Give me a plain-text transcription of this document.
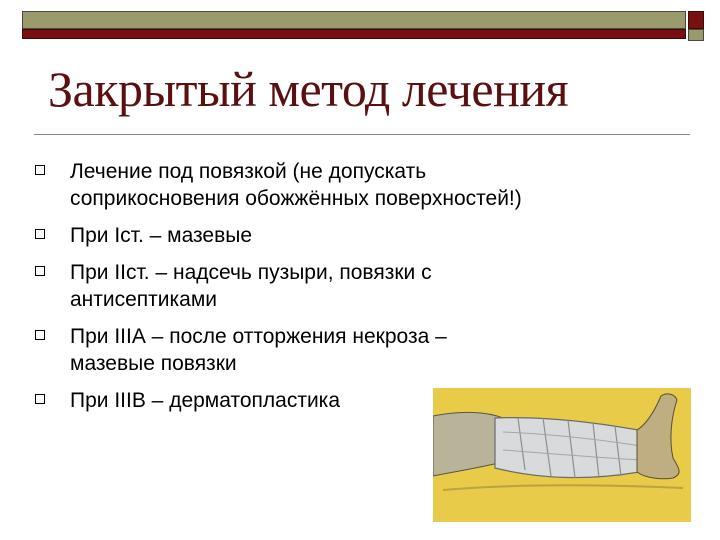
Закрытый метод лечения
Лечение под повязкой (не допускать соприкосновения обожжённых поверхностей!)
При Iст. – мазевые
При IIст. – надсечь пузыри, повязки с антисептиками
При IIIА – после отторжения некроза – мазевые повязки
При IIIВ – дерматопластика
